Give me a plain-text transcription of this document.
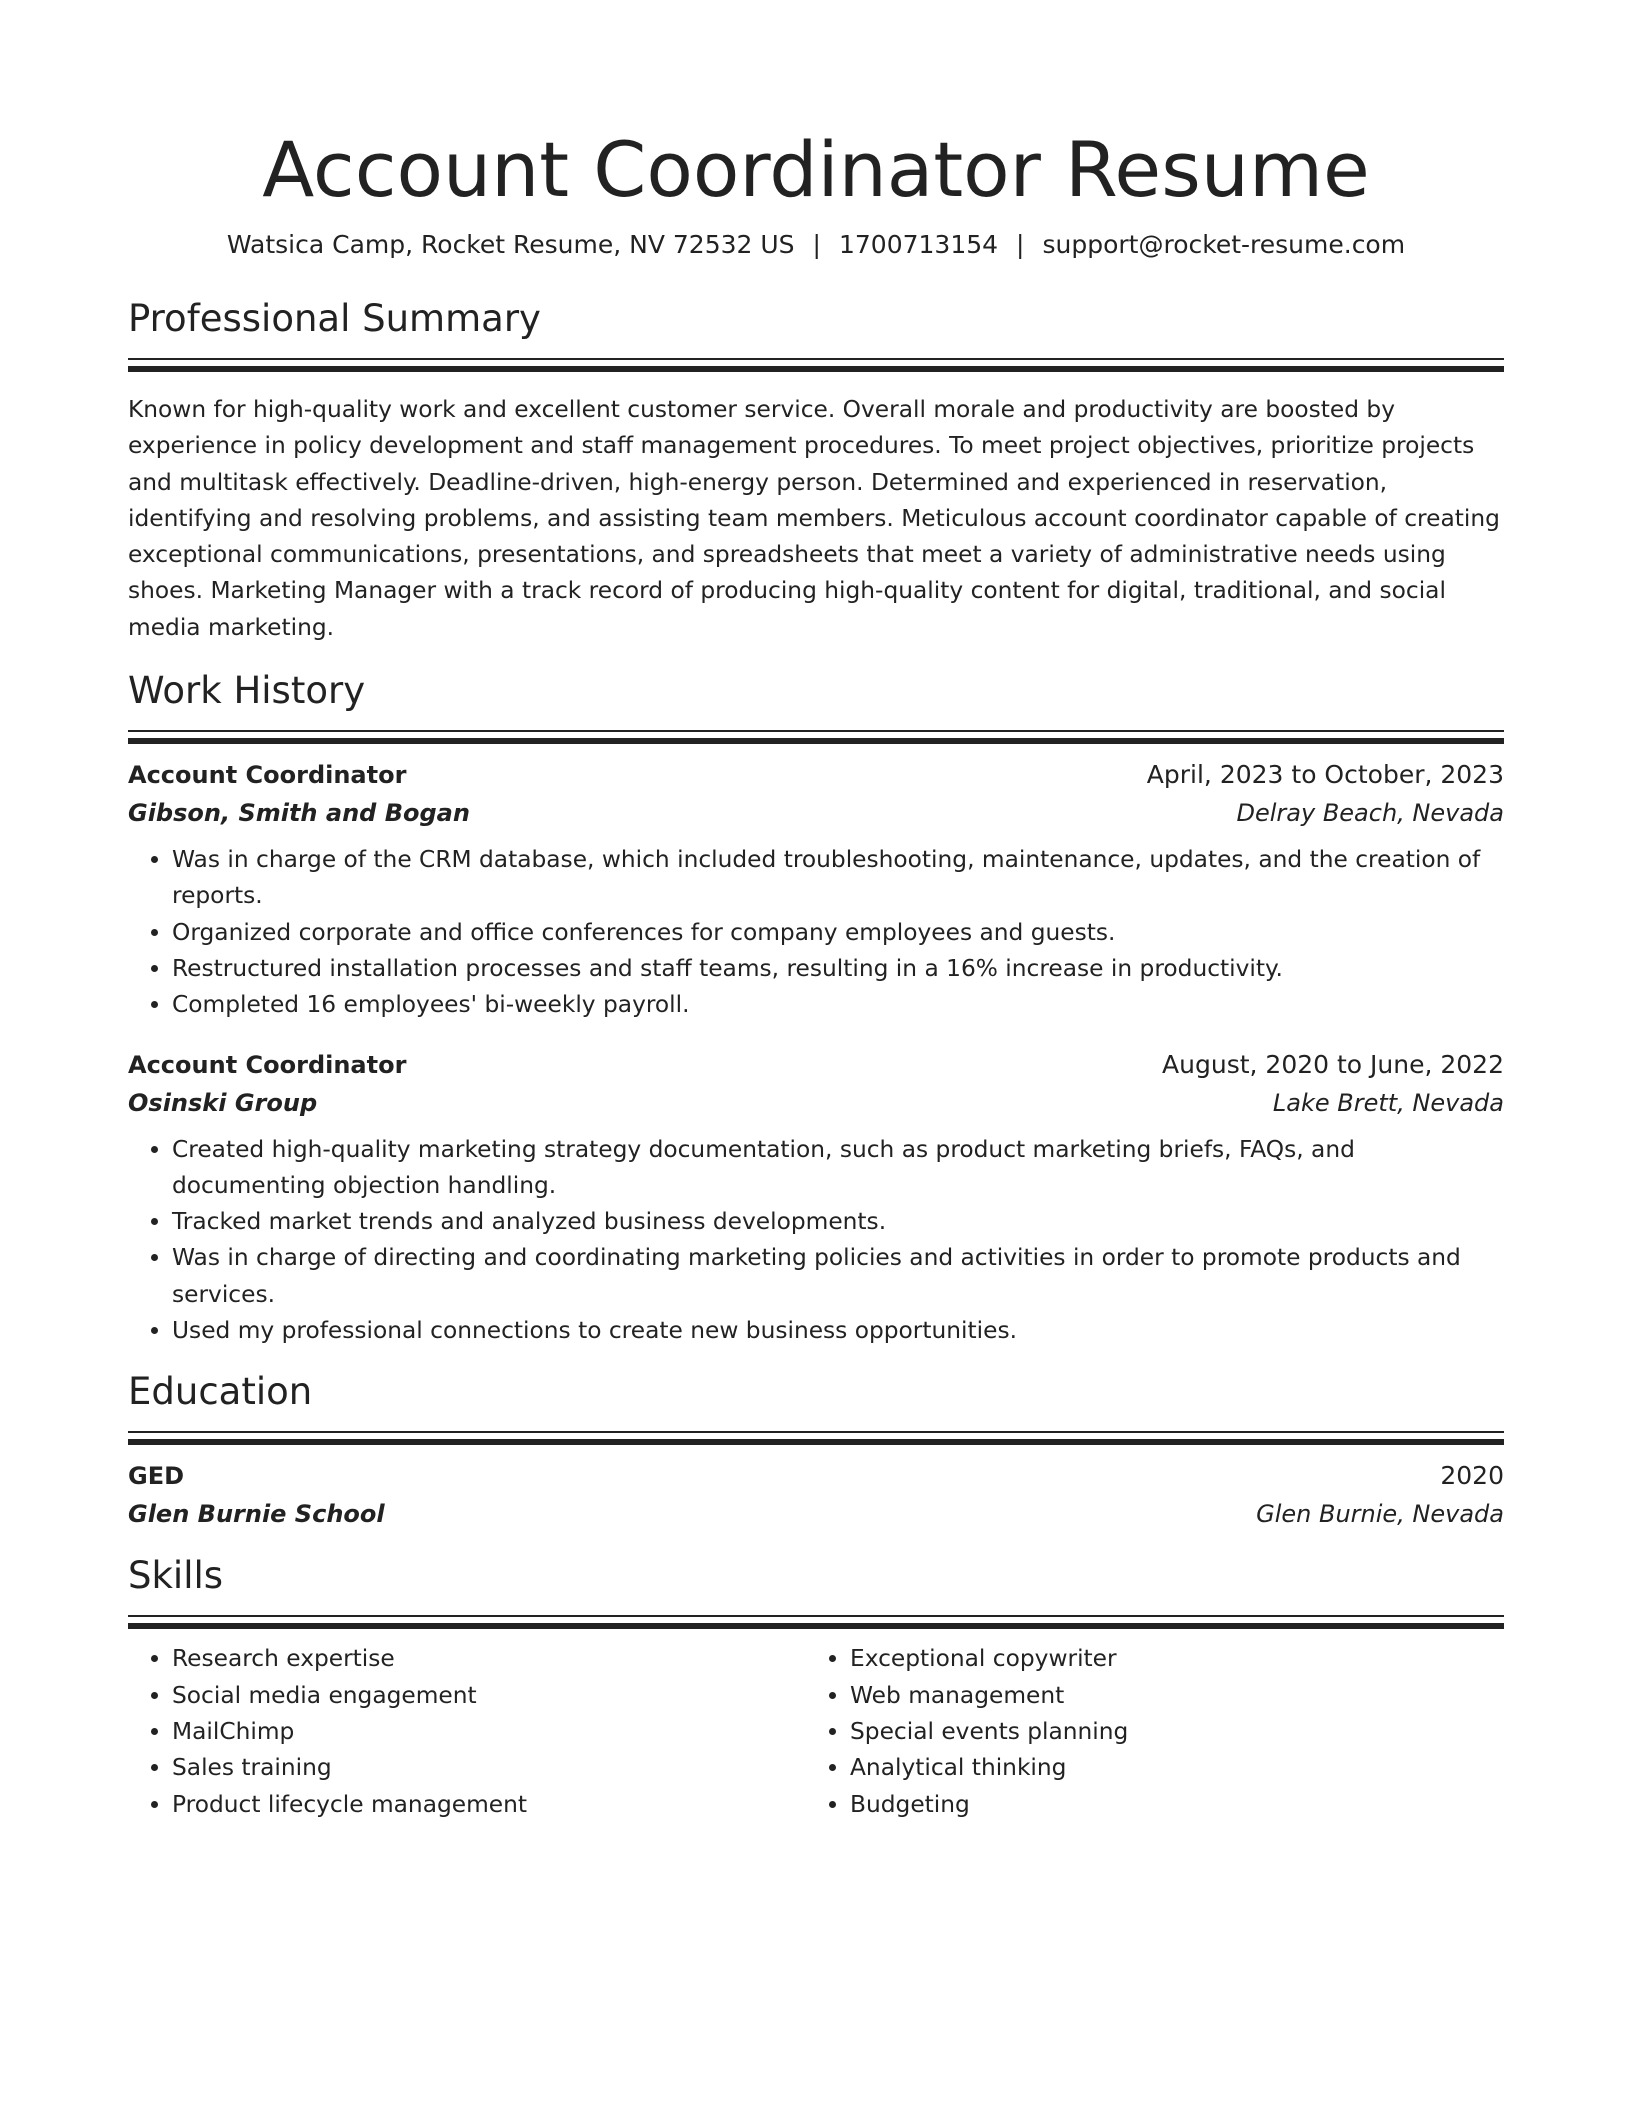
Account Coordinator Resume
Watsica Camp, Rocket Resume, NV 72532 US | 1700713154 | support@rocket-resume.com
Professional Summary
Known for high-quality work and excellent customer service. Overall morale and productivity are boosted by experience in policy development and staff management procedures. To meet project objectives, prioritize projects and multitask effectively. Deadline-driven, high-energy person. Determined and experienced in reservation, identifying and resolving problems, and assisting team members. Meticulous account coordinator capable of creating exceptional communications, presentations, and spreadsheets that meet a variety of administrative needs using shoes. Marketing Manager with a track record of producing high-quality content for digital, traditional, and social media marketing.
Work History
Account Coordinator	April, 2023 to October, 2023
Gibson, Smith and Bogan	Delray Beach, Nevada
• Was in charge of the CRM database, which included troubleshooting, maintenance, updates, and the creation of reports.
• Organized corporate and office conferences for company employees and guests.
• Restructured installation processes and staff teams, resulting in a 16% increase in productivity.
• Completed 16 employees' bi-weekly payroll.
Account Coordinator	August, 2020 to June, 2022
Osinski Group	Lake Brett, Nevada
• Created high-quality marketing strategy documentation, such as product marketing briefs, FAQs, and documenting objection handling.
• Tracked market trends and analyzed business developments.
• Was in charge of directing and coordinating marketing policies and activities in order to promote products and services.
• Used my professional connections to create new business opportunities.
Education
GED	2020
Glen Burnie School	Glen Burnie, Nevada
Skills
• Research expertise
• Social media engagement
• MailChimp
• Sales training
• Product lifecycle management
• Exceptional copywriter
• Web management
• Special events planning
• Analytical thinking
• Budgeting
